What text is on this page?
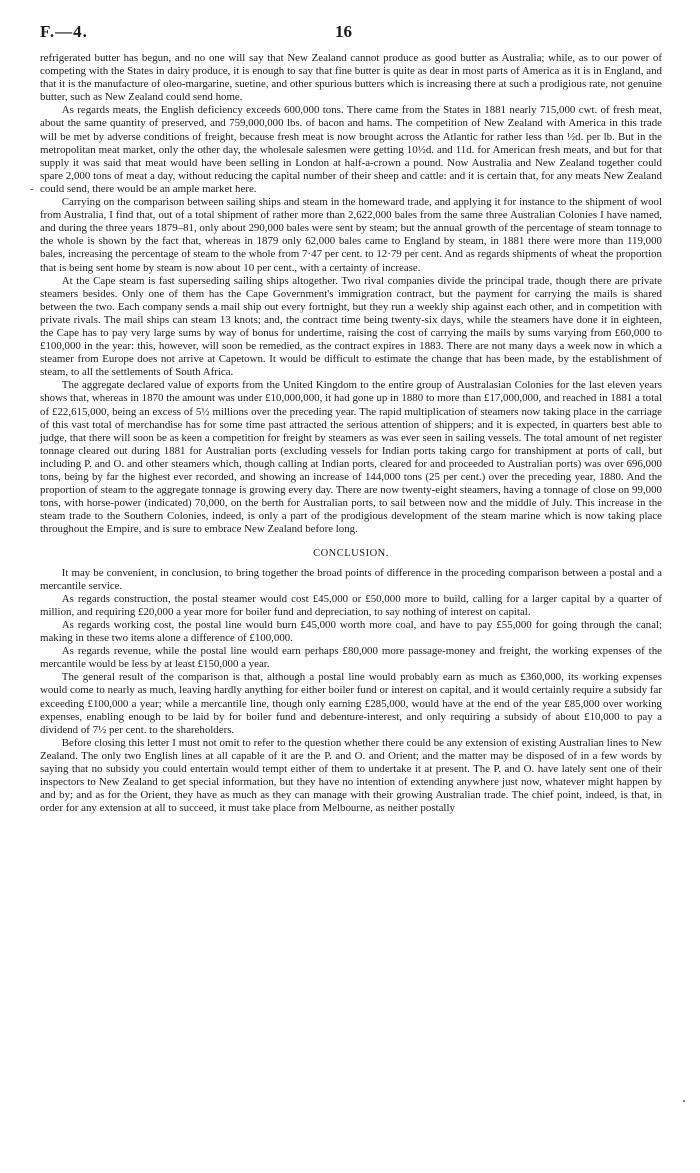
F.—4.	16
-

refrigerated butter has begun, and no one will say that New Zealand cannot produce as good butter as Australia; while, as to our power of competing with the States in dairy produce, it is enough to say that fine butter is quite as dear in most parts of America as it is in England, and that it is the manufacture of oleo-margarine, suetine, and other spurious butters which is increasing there at such a prodigious rate, not genuine butter, such as New Zealand could send home.

As regards meats, the English deficiency exceeds 600,000 tons. There came from the States in 1881 nearly 715,000 cwt. of fresh meat, about the same quantity of preserved, and 759,000,000 lbs. of bacon and hams. The competition of New Zealand with America in this trade will be met by adverse conditions of freight, because fresh meat is now brought across the Atlantic for rather less than ½d. per lb. But in the metropolitan meat market, only the other day, the wholesale salesmen were getting 10½d. and 11d. for American fresh meats, and but for that supply it was said that meat would have been selling in London at half-a-crown a pound. Now Australia and New Zealand together could spare 2,000 tons of meat a day, without reducing the capital number of their sheep and cattle: and it is certain that, for any meats New Zealand could send, there would be an ample market here.

Carrying on the comparison between sailing ships and steam in the homeward trade, and applying it for instance to the shipment of wool from Australia, I find that, out of a total shipment of rather more than 2,622,000 bales from the same three Australian Colonies I have named, and during the three years 1879–81, only about 290,000 bales were sent by steam; but the annual growth of the percentage of steam tonnage to the whole is shown by the fact that, whereas in 1879 only 62,000 bales came to England by steam, in 1881 there were more than 119,000 bales, increasing the percentage of steam to the whole from 7·47 per cent. to 12·79 per cent. And as regards shipments of wheat the proportion that is being sent home by steam is now about 10 per cent., with a certainty of increase.

At the Cape steam is fast superseding sailing ships altogether. Two rival companies divide the principal trade, though there are private steamers besides. Only one of them has the Cape Government's immigration contract, but the payment for carrying the mails is shared between the two. Each company sends a mail ship out every fortnight, but they run a weekly ship against each other, and in competition with private rivals. The mail ships can steam 13 knots; and, the contract time being twenty-six days, while the steamers have done it in eighteen, the Cape has to pay very large sums by way of bonus for undertime, raising the cost of carrying the mails by sums varying from £60,000 to £100,000 in the year: this, however, will soon be remedied, as the contract expires in 1883. There are not many days a week now in which a steamer from Europe does not arrive at Capetown. It would be difficult to estimate the change that has been made, by the establishment of steam, to all the settlements of South Africa.

The aggregate declared value of exports from the United Kingdom to the entire group of Australasian Colonies for the last eleven years shows that, whereas in 1870 the amount was under £10,000,000, it had gone up in 1880 to more than £17,000,000, and reached in 1881 a total of £22,615,000, being an excess of 5½ millions over the preceding year. The rapid multiplication of steamers now taking place in the carriage of this vast total of merchandise has for some time past attracted the serious attention of shippers; and it is expected, in quarters best able to judge, that there will soon be as keen a competition for freight by steamers as was ever seen in sailing vessels. The total amount of net register tonnage cleared out during 1881 for Australian ports (excluding vessels for Indian ports taking cargo for transhipment at ports of call, but including P. and O. and other steamers which, though calling at Indian ports, cleared for and proceeded to Australian ports) was over 696,000 tons, being by far the highest ever recorded, and showing an increase of 144,000 tons (25 per cent.) over the preceding year, 1880. And the proportion of steam to the aggregate tonnage is growing every day. There are now twenty-eight steamers, having a tonnage of close on 99,000 tons, with horse-power (indicated) 70,000, on the berth for Australian ports, to sail between now and the middle of July. This increase in the steam trade to the Southern Colonies, indeed, is only a part of the prodigious development of the steam marine which is now taking place throughout the Empire, and is sure to embrace New Zealand before long.

CONCLUSION.

It may be convenient, in conclusion, to bring together the broad points of difference in the proceding comparison between a postal and a mercantile service.

As regards construction, the postal steamer would cost £45,000 or £50,000 more to build, calling for a larger capital by a quarter of million, and requiring £20,000 a year more for boiler fund and depreciation, to say nothing of interest on capital.

As regards working cost, the postal line would burn £45,000 worth more coal, and have to pay £55,000 for going through the canal; making in these two items alone a difference of £100,000.

As regards revenue, while the postal line would earn perhaps £80,000 more passage-money and freight, the working expenses of the mercantile would be less by at least £150,000 a year.

The general result of the comparison is that, although a postal line would probably earn as much as £360,000, its working expenses would come to nearly as much, leaving hardly anything for either boiler fund or interest on capital, and it would certainly require a subsidy far exceeding £100,000 a year; while a mercantile line, though only earning £285,000, would have at the end of the year £85,000 over working expenses, enabling enough to be laid by for boiler fund and debenture-interest, and only requiring a subsidy of about £10,000 to pay a dividend of 7½ per cent. to the shareholders.

Before closing this letter I must not omit to refer to the question whether there could be any extension of existing Australian lines to New Zealand. The only two English lines at all capable of it are the P. and O. and Orient; and the matter may be disposed of in a few words by saying that no subsidy you could entertain would tempt either of them to undertake it at present. The P. and O. have lately sent one of their inspectors to New Zealand to get special information, but they have no intention of extending anywhere just now, whatever might happen by and by; and as for the Orient, they have as much as they can manage with their growing Australian trade. The chief point, indeed, is that, in order for any extension at all to succeed, it must take place from Melbourne, as neither postally
